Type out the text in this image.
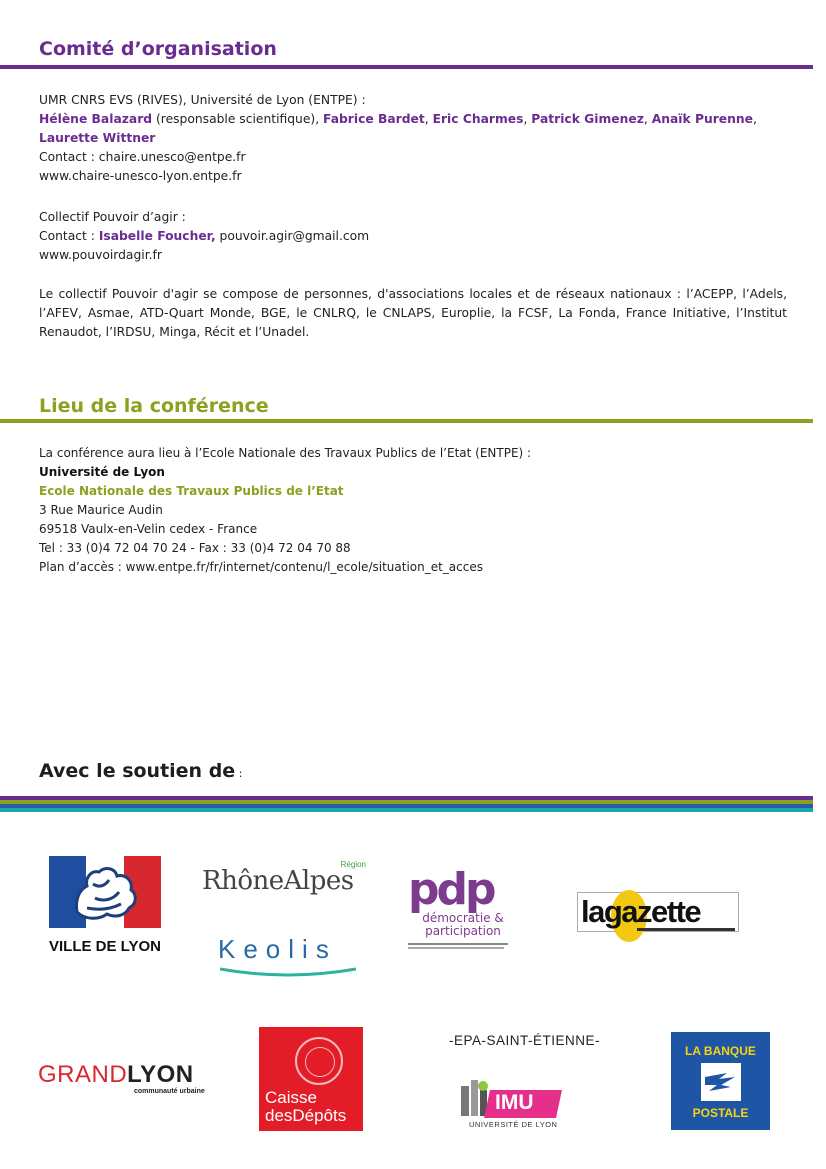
Comité d’organisation
UMR CNRS EVS (RIVES), Université de Lyon (ENTPE) :
Hélène Balazard (responsable scientifique), Fabrice Bardet, Eric Charmes, Patrick Gimenez, Anaïk Purenne,
Laurette Wittner
Contact : chaire.unesco@entpe.fr
www.chaire-unesco-lyon.entpe.fr
Collectif Pouvoir d’agir :
Contact : Isabelle Foucher, pouvoir.agir@gmail.com
www.pouvoirdagir.fr
Le collectif Pouvoir d'agir se compose de personnes, d'associations locales et de réseaux nationaux : l’ACEPP, l’Adels, l’AFEV, Asmae, ATD-Quart Monde, BGE, le CNLRQ, le CNLAPS, Europlie, la FCSF, La Fonda, France Initiative, l’Institut Renaudot, l’IRDSU, Minga, Récit et l’Unadel.
Lieu de la conférence
La conférence aura lieu à l’Ecole Nationale des Travaux Publics de l’Etat (ENTPE) :
Université de Lyon
Ecole Nationale des Travaux Publics de l’Etat
3 Rue Maurice Audin
69518 Vaulx-en-Velin cedex - France
Tel : 33 (0)4 72 04 70 24 - Fax : 33 (0)4 72 04 70 88
Plan d’accès : www.entpe.fr/fr/internet/contenu/l_ecole/situation_et_acces
Avec le soutien de :
VILLE DE LYON
RhôneAlpes
Région
Keolis
pdp
démocratie &
participation
lagazette
GRANDLYON
communauté urbaine	Caisse
desDépôts
-EPA-SAINT-ÉTIENNE-
IMU
UNIVERSITÉ DE LYON
LA BANQUE
POSTALE
